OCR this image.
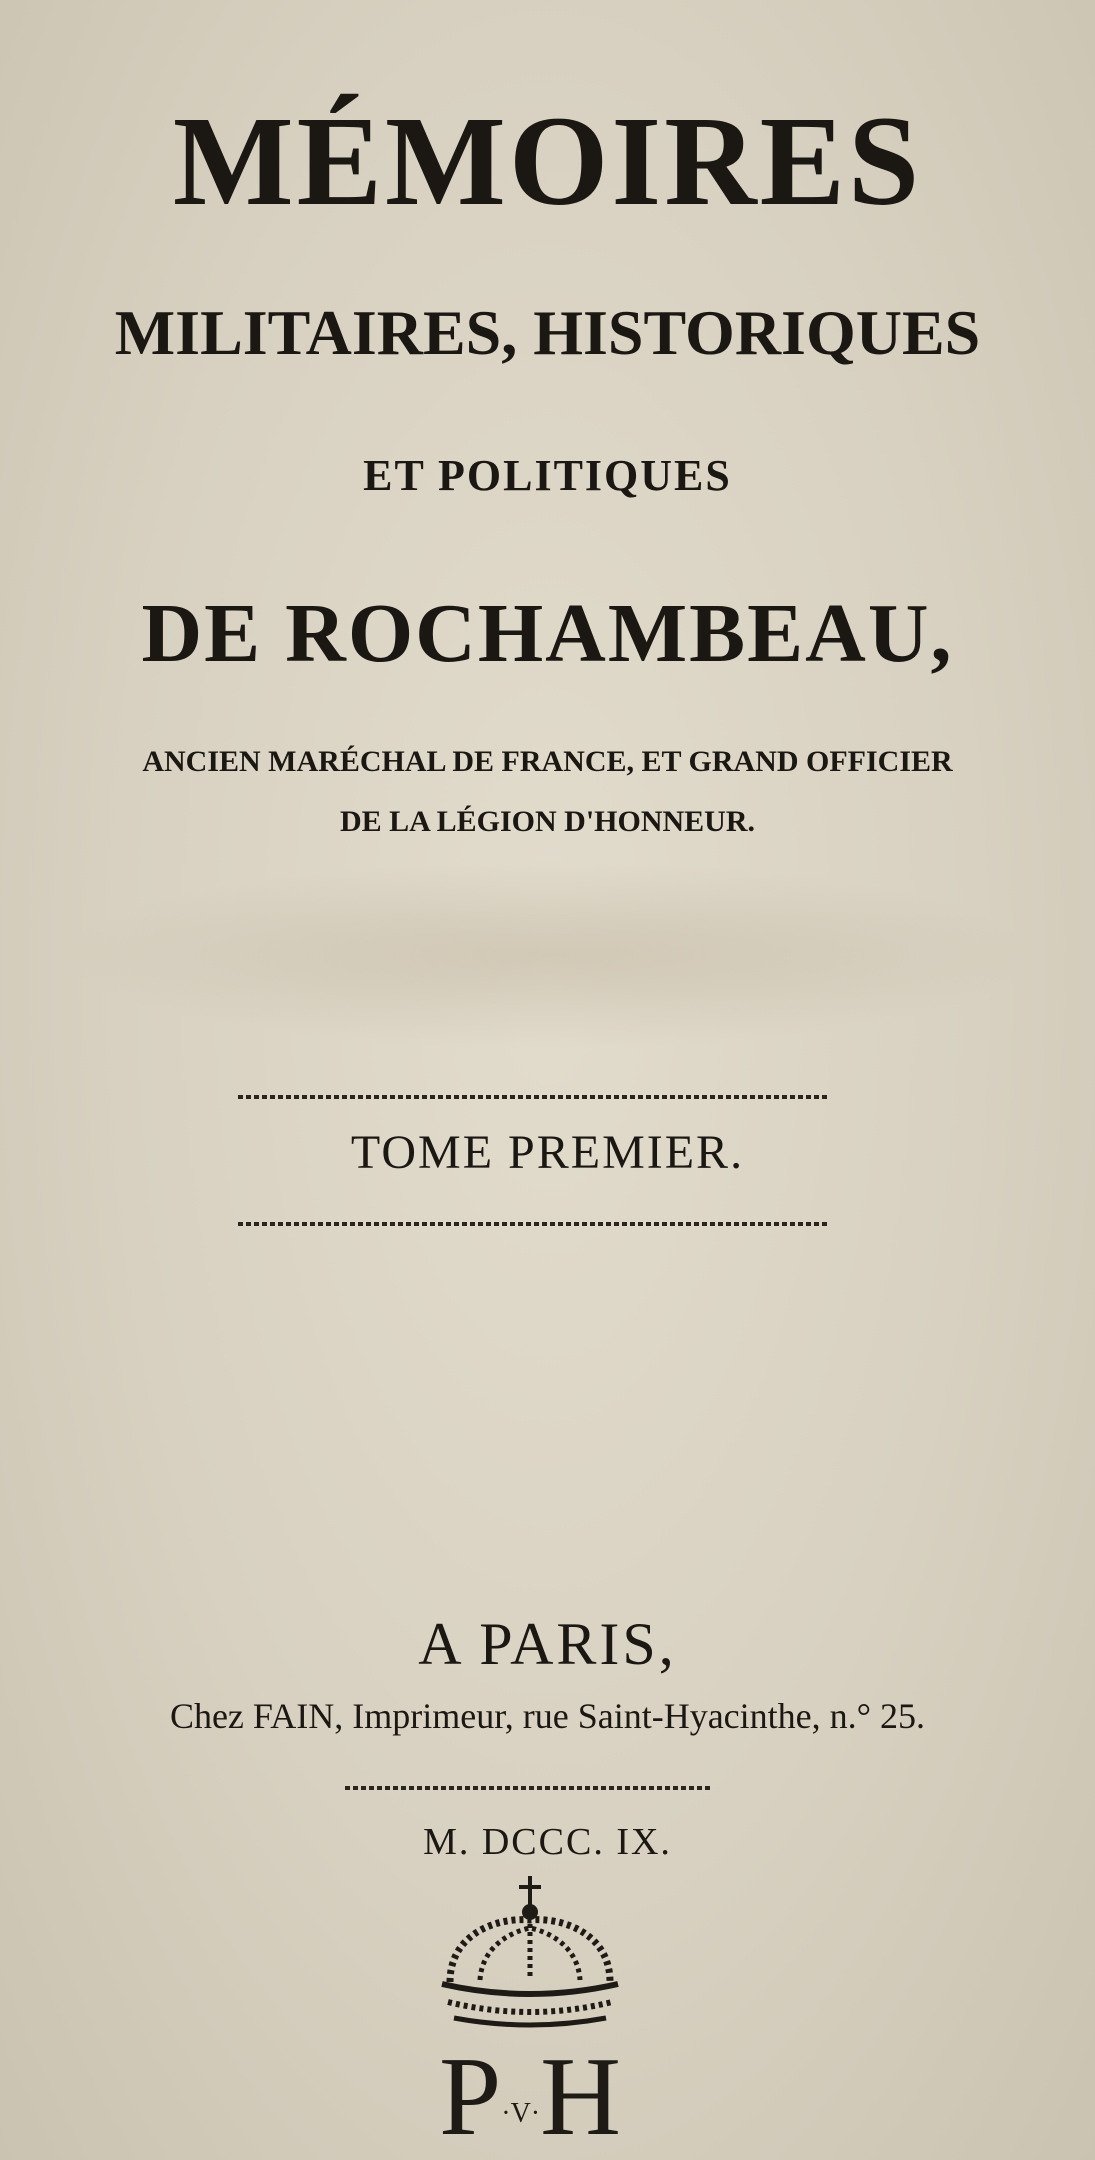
MÉMOIRES
MILITAIRES, HISTORIQUES
ET POLITIQUES
DE ROCHAMBEAU,
ANCIEN MARÉCHAL DE FRANCE, ET GRAND OFFICIER
DE LA LÉGION D'HONNEUR.
TOME PREMIER.
A PARIS,
Chez FAIN, Imprimeur, rue Saint-Hyacinthe, n.° 25.
M. DCCC. IX.
P·V·H
